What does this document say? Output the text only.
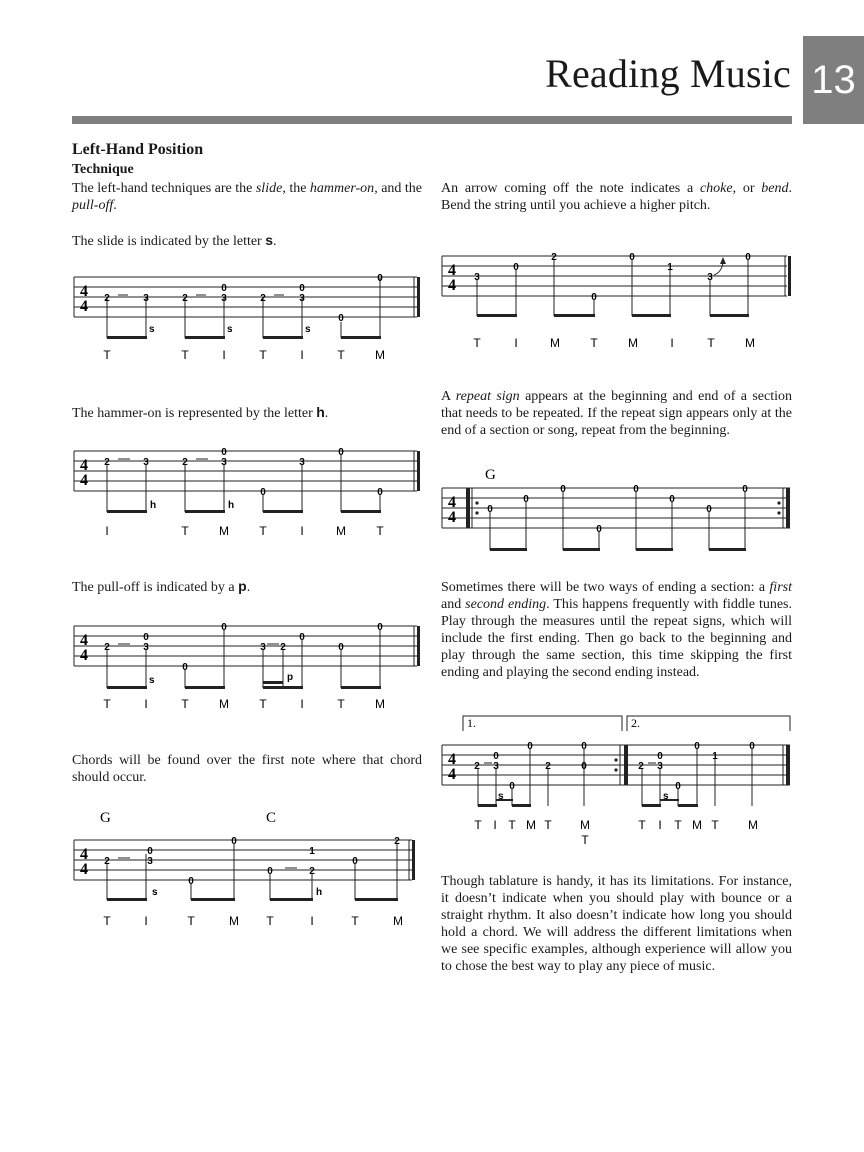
Reading Music 13
Left-Hand Position
Technique
The left-hand techniques are the slide, the hammer-on, and the pull-off.
The slide is indicated by the letter s.
The hammer-on is represented by the letter h.
The pull-off is indicated by a p.
Chords will be found over the first note where that chord should occur.
An arrow coming off the note indicates a choke, or bend. Bend the string until you achieve a higher pitch.
A repeat sign appears at the beginning and end of a section that needs to be repeated. If the repeat sign appears only at the end of a section or song, repeat from the beginning.
Sometimes there will be two ways of ending a section: a first and second ending. This happens frequently with fiddle tunes. Play through the measures until the repeat signs, which will include the first ending. Then go back to the beginning and play through the same section, this time skipping the first ending and playing the second ending instead.
Though tablature is handy, it has its limitations. For instance, it doesn’t indicate when you should play with bounce or a straight rhythm. It also doesn’t indicate how long you should hold a chord. We will address the different limitations when we see specific examples, although experience will allow you to chose the best way to play any piece of music.
4
4 2	3	2
0
3	2
0
3
0
0
s	s	s
T	T	I	T	I	T	M
4
4
2	3	2
0
3
0
3
0
0
h	h
I	T	M	T	I	M	T
4
4 2
0
3
0
0
3 2
0
0
0
s	p
T	I	T	M	T	I	T	M
G	C
4
4 2
0
3
0
0
0	2
1
0
2
s	h
T	I	T	M T	I	T	M
4
4 3
0
2
0
0
1
3
0
T	I	M	T	M	I	T	M
G
4
4	0
0
0
0
0
0
0
0
1.	2.
4
4 2
0
3
0
0
2
0
0	2
0
3
0
0
1
0
s	s
T I T M T M
T
T I T M T M
